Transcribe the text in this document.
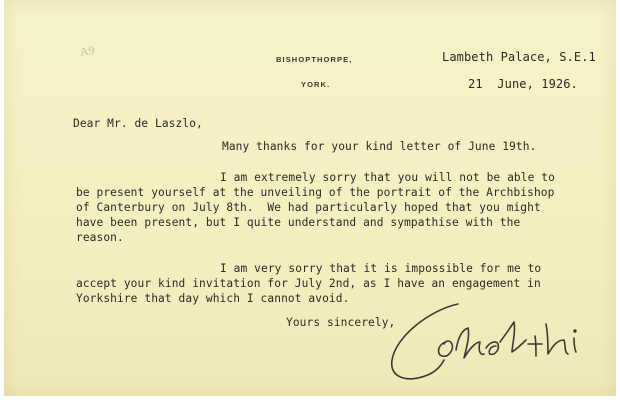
A9
BISHOPTHORPE,
YORK.
Lambeth Palace, S.E.1
21  June, 1926.
Dear Mr. de Laszlo,
Many thanks for your kind letter of June 19th.
I am extremely sorry that you will not be able to
be present yourself at the unveiling of the portrait of the Archbishop
of Canterbury on July 8th.  We had particularly hoped that you might
have been present, but I quite understand and sympathise with the
reason.
I am very sorry that it is impossible for me to
accept your kind invitation for July 2nd, as I have an engagement in
Yorkshire that day which I cannot avoid.
Yours sincerely,
